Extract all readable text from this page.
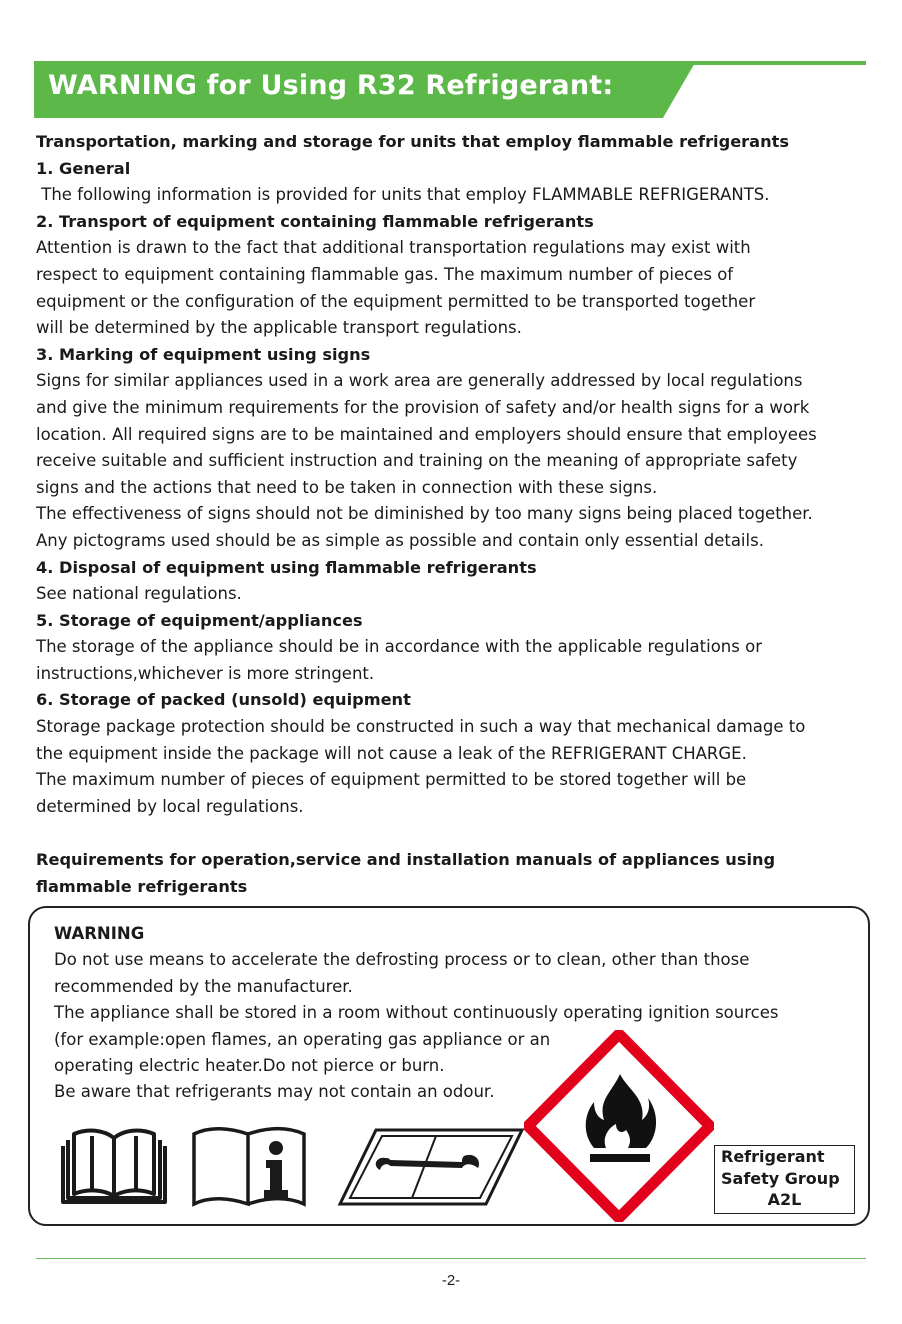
WARNING for Using R32 Refrigerant:
Transportation, marking and storage for units that employ flammable refrigerants
1. General
The following information is provided for units that employ FLAMMABLE REFRIGERANTS.
2. Transport of equipment containing flammable refrigerants
Attention is drawn to the fact that additional transportation regulations may exist with
respect to equipment containing flammable gas. The maximum number of pieces of
equipment or the configuration of the equipment permitted to be transported together
will be determined by the applicable transport regulations.
3. Marking of equipment using signs
Signs for similar appliances used in a work area are generally addressed by local regulations
and give the minimum requirements for the provision of safety and/or health signs for a work
location. All required signs are to be maintained and employers should ensure that employees
receive suitable and sufficient instruction and training on the meaning of appropriate safety
signs and the actions that need to be taken in connection with these signs.
The effectiveness of signs should not be diminished by too many signs being placed together.
Any pictograms used should be as simple as possible and contain only essential details.
4. Disposal of equipment using flammable refrigerants
See national regulations.
5. Storage of equipment/appliances
The storage of the appliance should be in accordance with the applicable regulations or
instructions,whichever is more stringent.
6. Storage of packed (unsold) equipment
Storage package protection should be constructed in such a way that mechanical damage to
the equipment inside the package will not cause a leak of the REFRIGERANT CHARGE.
The maximum number of pieces of equipment permitted to be stored together will be
determined by local regulations.
Requirements for operation,service and installation manuals of appliances using
flammable refrigerants
WARNING
Do not use means to accelerate the defrosting process or to clean, other than those
recommended by the manufacturer.
The appliance shall be stored in a room without continuously operating ignition sources
(for example:open flames, an operating gas appliance or an
operating electric heater.Do not pierce or burn.
Be aware that refrigerants may not contain an odour.
Refrigerant
Safety Group
A2L
-2-
